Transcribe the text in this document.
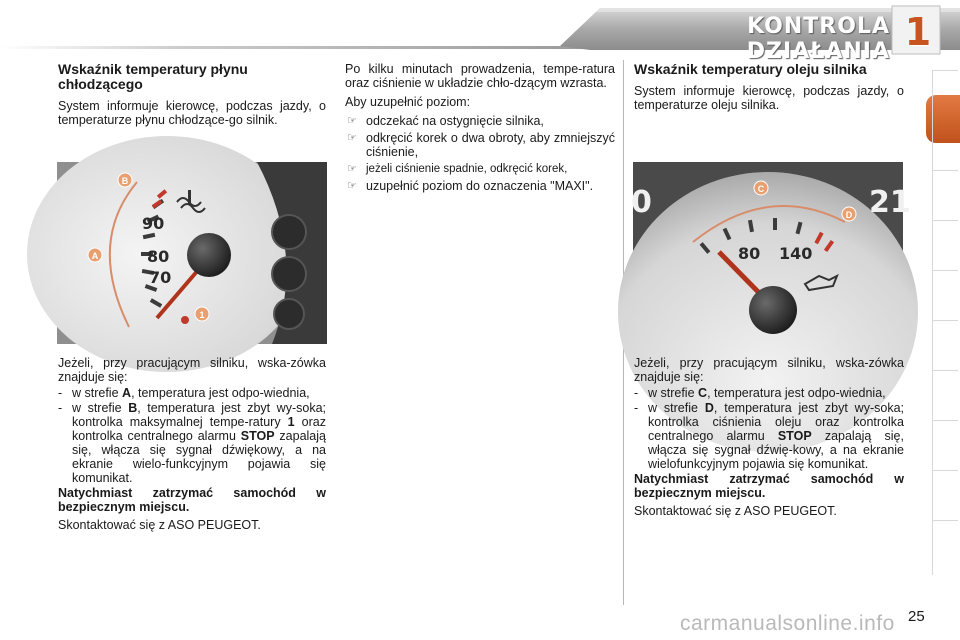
KONTROLA DZIAŁANIA 1
Wskaźnik temperatury płynu chłodzącego

System informuje kierowcę, podczas jazdy, o temperaturze płynu chłodzące-go silnik.

90
80
70
B
A
1

Jeżeli, przy pracującym silniku, wska-zówka znajduje się:

- w strefie A, temperatura jest odpo-wiednia,
- w strefie B, temperatura jest zbyt wy-soka; kontrolka maksymalnej tempe-ratury 1 oraz kontrolka centralnego alarmu STOP zapalają się, włącza się sygnał dźwiękowy, a na ekranie wielo-funkcyjnym pojawia się komunikat.

Natychmiast zatrzymać samochód w bezpiecznym miejscu.

Skontaktować się z ASO PEUGEOT.

Po kilku minutach prowadzenia, tempe-ratura oraz ciśnienie w układzie chło-dzącym wzrasta.

Aby uzupełnić poziom:

☞ odczekać na ostygnięcie silnika,
☞ odkręcić korek o dwa obroty, aby zmniejszyć ciśnienie,
☞ jeżeli ciśnienie spadnie, odkręcić korek,
☞ uzupełnić poziom do oznaczenia "MAXI".
Wskaźnik temperatury oleju silnika

System informuje kierowcę, podczas jazdy, o temperaturze oleju silnika.

80 140
0	21
C
D

Jeżeli, przy pracującym silniku, wska-zówka znajduje się:

- w strefie C, temperatura jest odpo-wiednia,
- w strefie D, temperatura jest zbyt wy-soka; kontrolka ciśnienia oleju oraz kontrolka centralnego alarmu STOP zapalają się, włącza się sygnał dźwię-kowy, a na ekranie wielofunkcyjnym pojawia się komunikat.

Natychmiast zatrzymać samochód w bezpiecznym miejscu.

Skontaktować się z ASO PEUGEOT.

carmanualsonline.info 25
